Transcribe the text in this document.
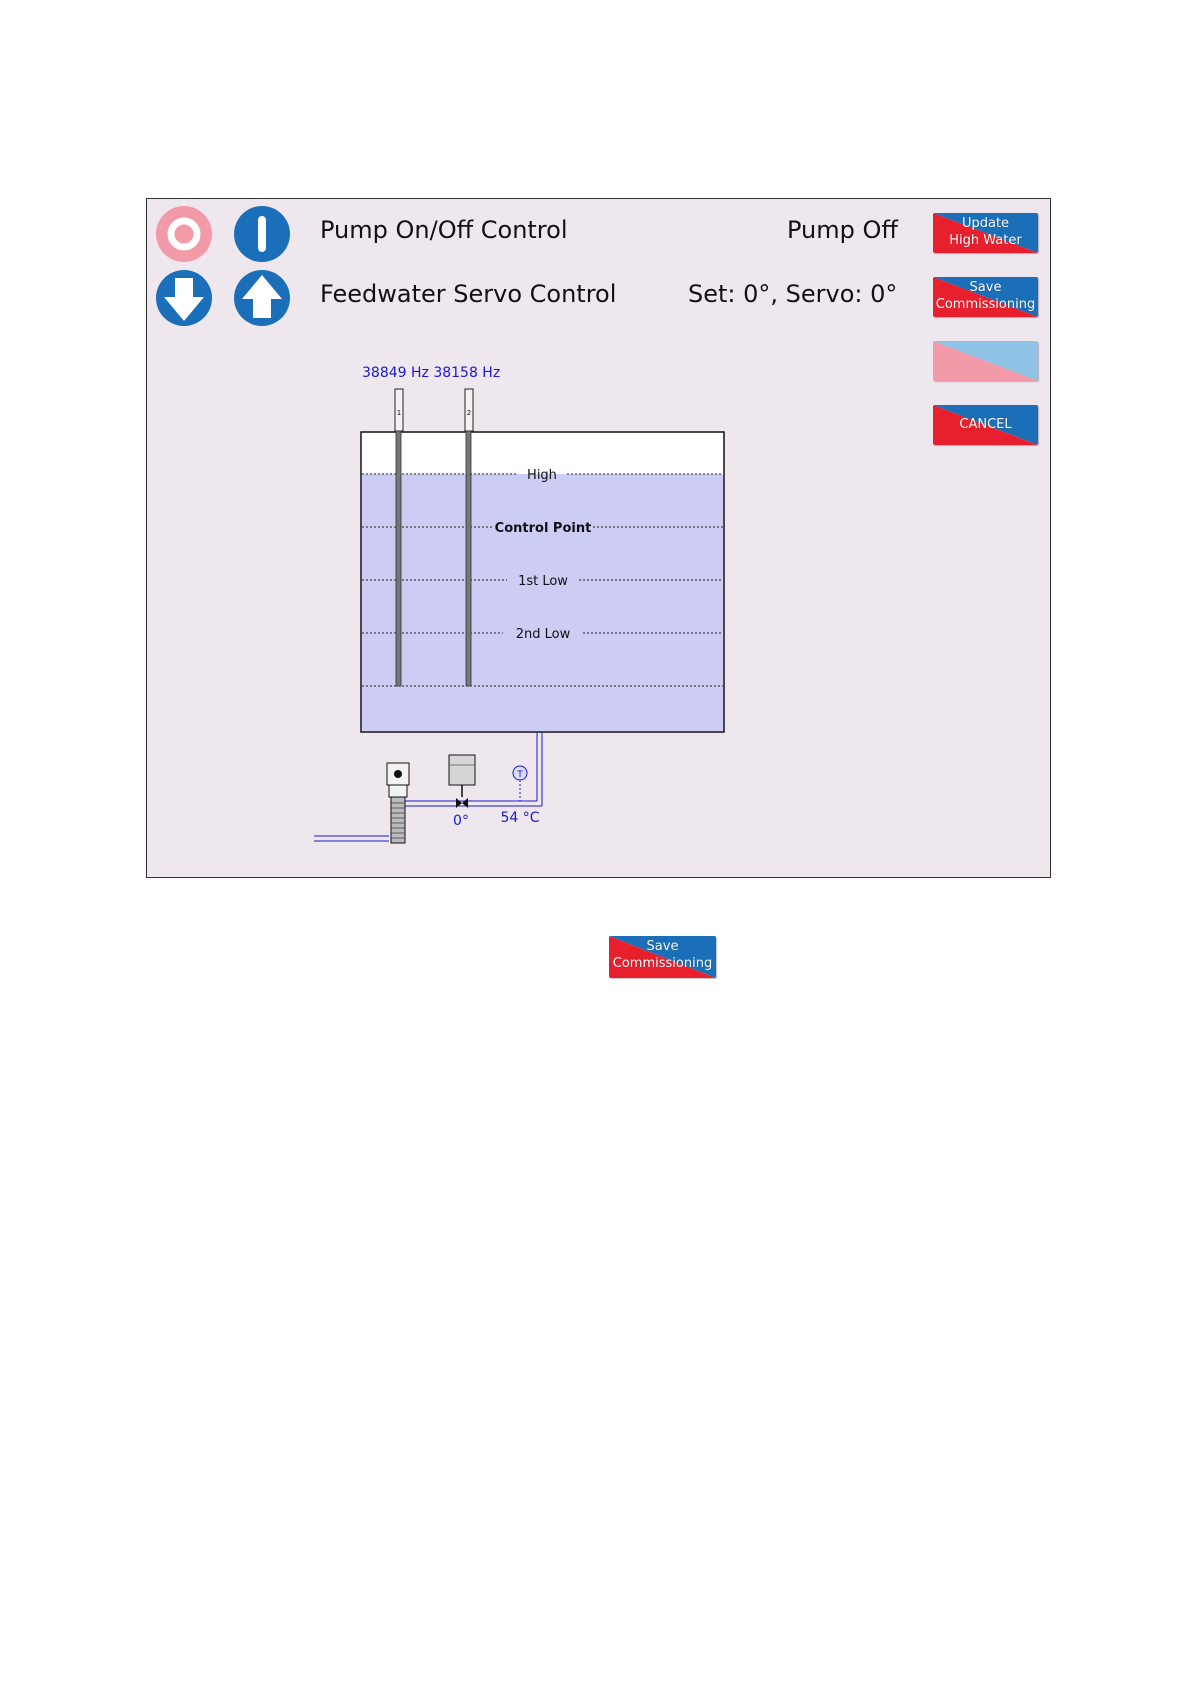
Pump On/Off Control	Pump Off
Feedwater Servo Control	Set: 0°, Servo: 0°
Update
High Water
Save
Commissioning
CANCEL
38849 Hz 38158 Hz
High
Control Point
1st Low
2nd Low
1	2
0°
T
54 °C
Save
Commissioning
